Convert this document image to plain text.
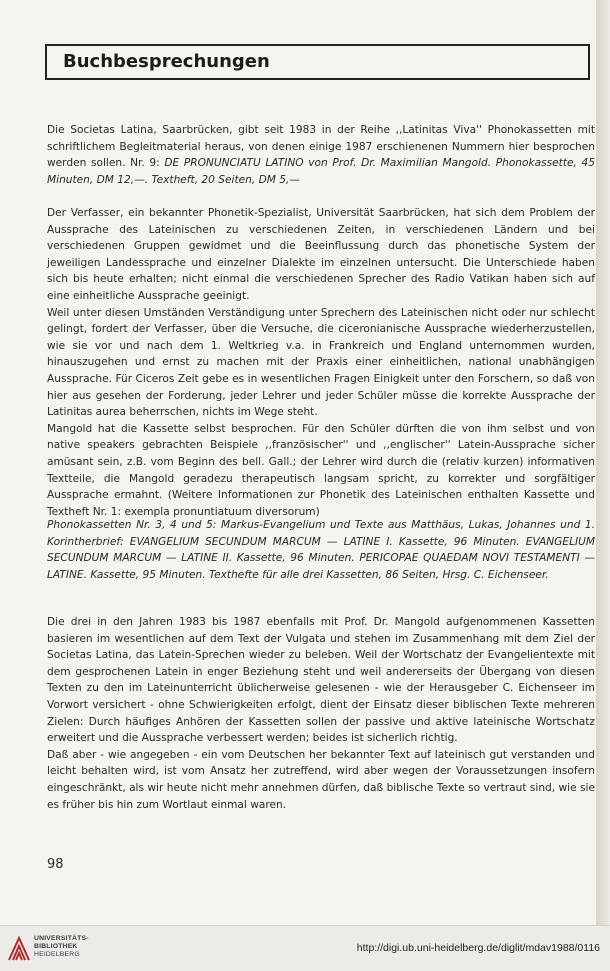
Buchbesprechungen

Die Societas Latina, Saarbrücken, gibt seit 1983 in der Reihe ,,Latinitas Viva'' Phonokassetten mit schriftlichem Begleitmaterial heraus, von denen einige 1987 erschienenen Nummern hier besprochen werden sollen. Nr. 9: DE PRONUNCIATU LATINO von Prof. Dr. Maximilian Mangold. Phonokassette, 45 Minuten, DM 12,—. Textheft, 20 Seiten, DM 5,—

Der Verfasser, ein bekannter Phonetik-Spezialist, Universität Saarbrücken, hat sich dem Problem der Aussprache des Lateinischen zu verschiedenen Zeiten, in verschiedenen Ländern und bei verschiedenen Gruppen gewidmet und die Beeinflussung durch das phonetische System der jeweiligen Landessprache und einzelner Dialekte im einzelnen untersucht. Die Unterschiede haben sich bis heute erhalten; nicht einmal die verschiedenen Sprecher des Radio Vatikan haben sich auf eine einheitliche Aussprache geeinigt.

Weil unter diesen Umständen Verständigung unter Sprechern des Lateinischen nicht oder nur schlecht gelingt, fordert der Verfasser, über die Versuche, die ciceronianische Aussprache wiederherzustellen, wie sie vor und nach dem 1. Weltkrieg v.a. in Frankreich und England unternommen wurden, hinauszugehen und ernst zu machen mit der Praxis einer einheitlichen, national unabhängigen Aussprache. Für Ciceros Zeit gebe es in wesentlichen Fragen Einigkeit unter den Forschern, so daß von hier aus gesehen der Forderung, jeder Lehrer und jeder Schüler müsse die korrekte Aussprache der Latinitas aurea beherrschen, nichts im Wege steht.

Mangold hat die Kassette selbst besprochen. Für den Schüler dürften die von ihm selbst und von native speakers gebrachten Beispiele ,,französischer'' und ,,englischer'' Latein-Aussprache sicher amüsant sein, z.B. vom Beginn des bell. Gall.; der Lehrer wird durch die (relativ kurzen) informativen Textteile, die Mangold geradezu therapeutisch langsam spricht, zu korrekter und sorgfältiger Aussprache ermahnt. (Weitere Informationen zur Phonetik des Lateinischen enthalten Kassette und Textheft Nr. 1: exempla pronuntiatuum diversorum)

Phonokassetten Nr. 3, 4 und 5: Markus-Evangelium und Texte aus Matthäus, Lukas, Johannes und 1. Korintherbrief: EVANGELIUM SECUNDUM MARCUM — LATINE I. Kassette, 96 Minuten. EVANGELIUM SECUNDUM MARCUM — LATINE II. Kassette, 96 Minuten. PERICOPAE QUAEDAM NOVI TESTAMENTI — LATINE. Kassette, 95 Minuten. Texthefte für alle drei Kassetten, 86 Seiten, Hrsg. C. Eichenseer.

Die drei in den Jahren 1983 bis 1987 ebenfalls mit Prof. Dr. Mangold aufgenommenen Kassetten basieren im wesentlichen auf dem Text der Vulgata und stehen im Zusammenhang mit dem Ziel der Societas Latina, das Latein-Sprechen wieder zu beleben. Weil der Wortschatz der Evangelientexte mit dem gesprochenen Latein in enger Beziehung steht und weil andererseits der Übergang von diesen Texten zu den im Lateinunterricht üblicherweise gelesenen - wie der Herausgeber C. Eichenseer im Vorwort versichert - ohne Schwierigkeiten erfolgt, dient der Einsatz dieser biblischen Texte mehreren Zielen: Durch häufiges Anhören der Kassetten sollen der passive und aktive lateinische Wortschatz erweitert und die Aussprache verbessert werden; beides ist sicherlich richtig.

Daß aber - wie angegeben - ein vom Deutschen her bekannter Text auf lateinisch gut verstanden und leicht behalten wird, ist vom Ansatz her zutreffend, wird aber wegen der Voraussetzungen insofern eingeschränkt, als wir heute nicht mehr annehmen dürfen, daß biblische Texte so vertraut sind, wie sie es früher bis hin zum Wortlaut einmal waren.

98
UNIVERSITÄTS-
BIBLIOTHEK
HEIDELBERG
http://digi.ub.uni-heidelberg.de/diglit/mdav1988/0116
